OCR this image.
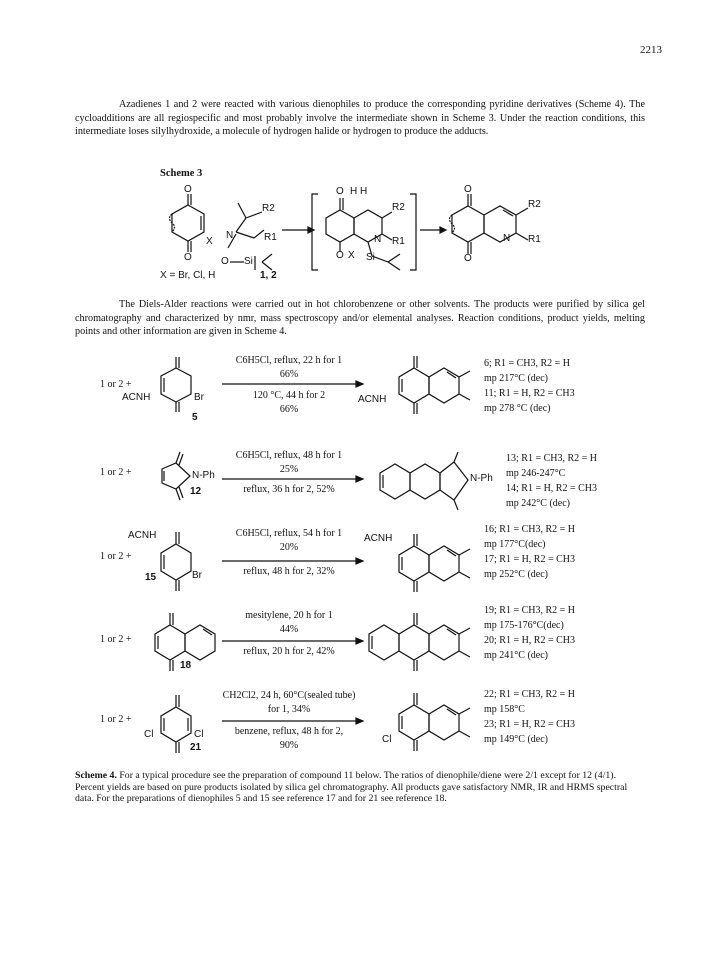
2213
Azadienes 1 and 2 were reacted with various dienophiles to produce the corresponding pyridine derivatives (Scheme 4). The cycloadditions are all regiospecific and most probably involve the intermediate shown in Scheme 3. Under the reaction conditions, this intermediate loses silylhydroxide, a molecule of hydrogen halide or hydrogen to produce the adducts.
Scheme 3
O
O
X
R2
N	R1
O Si
1, 2
X = Br, Cl, H
O H H
R2
N R1
O X Si
O
O
R2
N R1
The Diels-Alder reactions were carried out in hot chlorobenzene or other solvents. The products were purified by silica gel chromatography and characterized by nmr, mass spectroscopy and/or elemental analyses. Reaction conditions, product yields, melting points and other information are given in Scheme 4.
1 or 2 +
ACNH	Br
5
C6H5Cl, reflux, 22 h for 1
66%
120 °C, 44 h for 2
66%
ACNH
6; R1 = CH3, R2 = H
mp 217°C (dec)
11; R1 = H, R2 = CH3
mp 278 °C (dec)
1 or 2 +	N-Ph
12
C6H5Cl, reflux, 48 h for 1
25%
reflux, 36 h for 2, 52%
N-Ph
13; R1 = CH3, R2 = H
mp 246-247°C
14; R1 = H, R2 = CH3
mp 242°C (dec)
1 or 2 +
ACNH
Br
15
C6H5Cl, reflux, 54 h for 1
20%
reflux, 48 h for 2, 32%
ACNH
16; R1 = CH3, R2 = H
mp 177°C(dec)
17; R1 = H, R2 = CH3
mp 252°C (dec)
1 or 2 +
18
mesitylene, 20 h for 1
44%
reflux, 20 h for 2, 42%
19; R1 = CH3, R2 = H
mp 175-176°C(dec)
20; R1 = H, R2 = CH3
mp 241°C (dec)
1 or 2 +
Cl	Cl
21
CH2Cl2, 24 h, 60°C(sealed tube)
for 1, 34%
benzene, reflux, 48 h for 2,
90%
Cl
22; R1 = CH3, R2 = H
mp 158°C
23; R1 = H, R2 = CH3
mp 149°C (dec)
Scheme 4. For a typical procedure see the preparation of compound 11 below. The ratios of dienophile/diene were 2/1 except for 12 (4/1). Percent yields are based on pure products isolated by silica gel chromatography. All products gave satisfactory NMR, IR and HRMS spectral data. For the preparations of dienophiles 5 and 15 see reference 17 and for 21 see reference 18.
